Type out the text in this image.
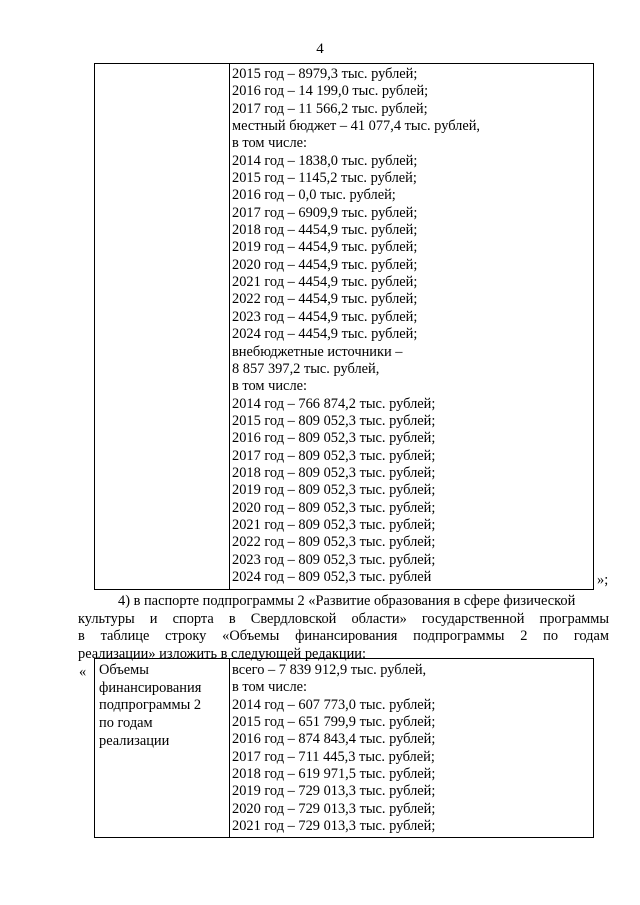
4
2015 год – 8979,3 тыс. рублей;
2016 год – 14 199,0 тыс. рублей;
2017 год – 11 566,2 тыс. рублей;
местный бюджет – 41 077,4 тыс. рублей,
в том числе:
2014 год – 1838,0 тыс. рублей;
2015 год – 1145,2 тыс. рублей;
2016 год – 0,0 тыс. рублей;
2017 год – 6909,9 тыс. рублей;
2018 год – 4454,9 тыс. рублей;
2019 год – 4454,9 тыс. рублей;
2020 год – 4454,9 тыс. рублей;
2021 год – 4454,9 тыс. рублей;
2022 год – 4454,9 тыс. рублей;
2023 год – 4454,9 тыс. рублей;
2024 год – 4454,9 тыс. рублей;
внебюджетные источники –
8 857 397,2 тыс. рублей,
в том числе:
2014 год – 766 874,2 тыс. рублей;
2015 год – 809 052,3 тыс. рублей;
2016 год – 809 052,3 тыс. рублей;
2017 год – 809 052,3 тыс. рублей;
2018 год – 809 052,3 тыс. рублей;
2019 год – 809 052,3 тыс. рублей;
2020 год – 809 052,3 тыс. рублей;
2021 год – 809 052,3 тыс. рублей;
2022 год – 809 052,3 тыс. рублей;
2023 год – 809 052,3 тыс. рублей;
2024 год – 809 052,3 тыс. рублей	»;
4) в паспорте подпрограммы 2 «Развитие образования в сфере физической
культуры и спорта в Свердловской области» государственной программы
в таблице строку «Объемы финансирования подпрограммы 2 по годам
реализации» изложить в следующей редакции:
« Объемы
финансирования
подпрограммы 2
по годам
реализации
всего – 7 839 912,9 тыс. рублей,
в том числе:
2014 год – 607 773,0 тыс. рублей;
2015 год – 651 799,9 тыс. рублей;
2016 год – 874 843,4 тыс. рублей;
2017 год – 711 445,3 тыс. рублей;
2018 год – 619 971,5 тыс. рублей;
2019 год – 729 013,3 тыс. рублей;
2020 год – 729 013,3 тыс. рублей;
2021 год – 729 013,3 тыс. рублей;
